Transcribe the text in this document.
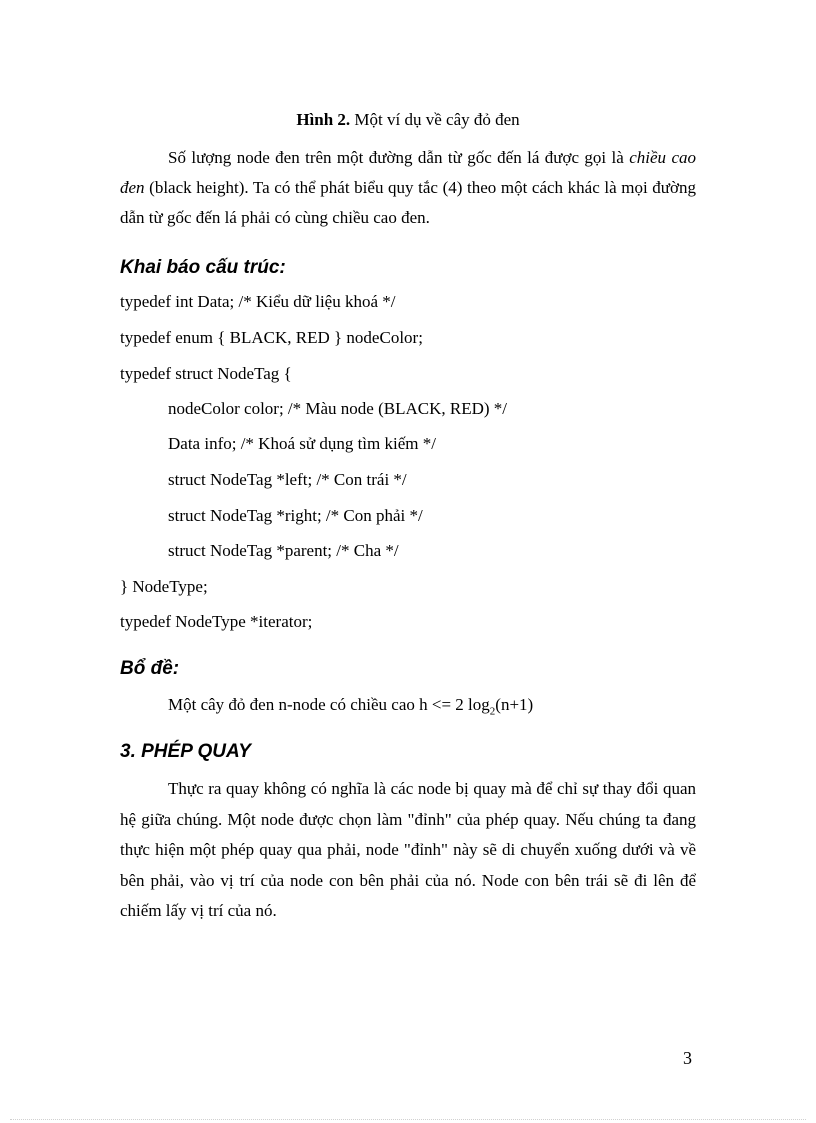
Hình 2. Một ví dụ về cây đỏ đen
Số lượng node đen trên một đường dẫn từ gốc đến lá được gọi là chiều cao đen (black height). Ta có thể phát biểu quy tắc (4) theo một cách khác là mọi đường dẫn từ gốc đến lá phải có cùng chiều cao đen.
Khai báo cấu trúc:
typedef int Data; /* Kiểu dữ liệu khoá */
typedef enum { BLACK, RED } nodeColor;
typedef struct NodeTag {
nodeColor color; /* Màu node (BLACK, RED) */
Data info; /* Khoá sử dụng tìm kiếm */
struct NodeTag *left; /* Con trái */
struct NodeTag *right; /* Con phải */
struct NodeTag *parent; /* Cha */
} NodeType;
typedef NodeType *iterator;
Bổ đề:
Một cây đỏ đen n-node có chiều cao h <= 2 $\log_2(n+1)$
3. PHÉP QUAY
Thực ra quay không có nghĩa là các node bị quay mà để chỉ sự thay đổi quan hệ giữa chúng. Một node được chọn làm "đỉnh" của phép quay. Nếu chúng ta đang thực hiện một phép quay qua phải, node "đỉnh" này sẽ di chuyển xuống dưới và về bên phải, vào vị trí của node con bên phải của nó. Node con bên trái sẽ đi lên để chiếm lấy vị trí của nó.
3
